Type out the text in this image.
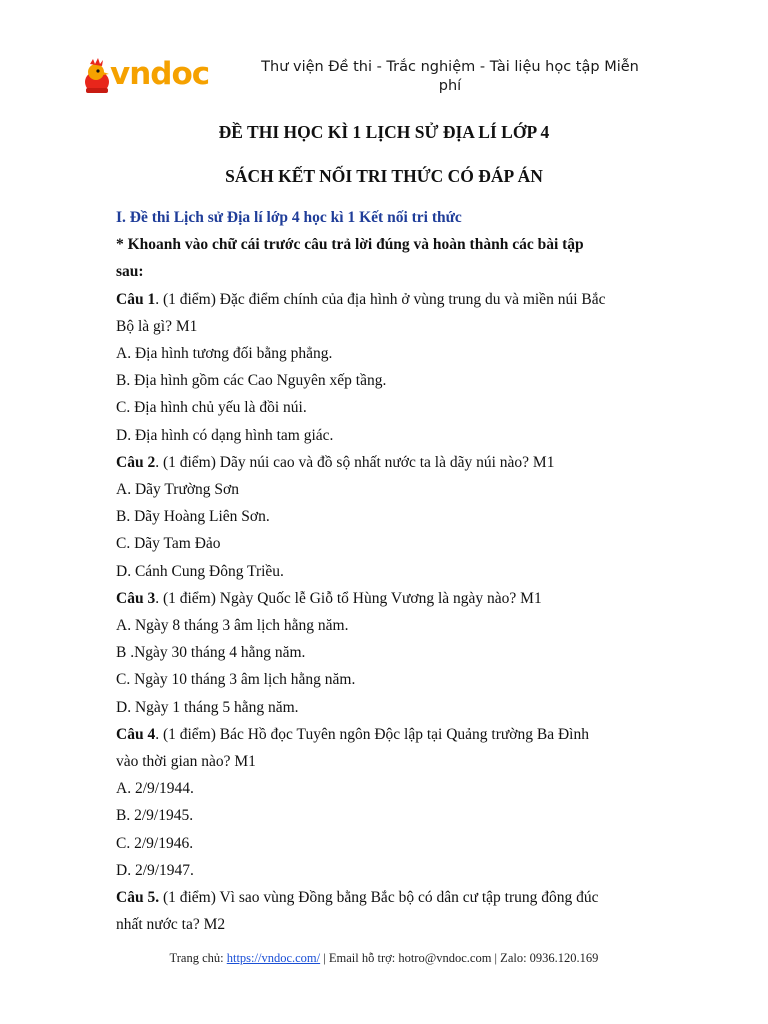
vndoc	Thư viện Đề thi - Trắc nghiệm - Tài liệu học tập Miễn
phí
ĐỀ THI HỌC KÌ 1 LỊCH SỬ ĐỊA LÍ LỚP 4
SÁCH KẾT NỐI TRI THỨC CÓ ĐÁP ÁN
I. Đề thi Lịch sử Địa lí lớp 4 học kì 1 Kết nối tri thức
* Khoanh vào chữ cái trước câu trả lời đúng và hoàn thành các bài tập
sau:
Câu 1. (1 điểm) Đặc điểm chính của địa hình ở vùng trung du và miền núi Bắc
Bộ là gì? M1
A. Địa hình tương đối bằng phẳng.
B. Địa hình gồm các Cao Nguyên xếp tầng.
C. Địa hình chủ yếu là đồi núi.
D. Địa hình có dạng hình tam giác.
Câu 2. (1 điểm) Dãy núi cao và đồ sộ nhất nước ta là dãy núi nào? M1
A. Dãy Trường Sơn
B. Dãy Hoàng Liên Sơn.
C. Dãy Tam Đảo
D. Cánh Cung Đông Triều.
Câu 3. (1 điểm) Ngày Quốc lễ Giỗ tổ Hùng Vương là ngày nào? M1
A. Ngày 8 tháng 3 âm lịch hằng năm.
B .Ngày 30 tháng 4 hằng năm.
C. Ngày 10 tháng 3 âm lịch hằng năm.
D. Ngày 1 tháng 5 hằng năm.
Câu 4. (1 điểm) Bác Hồ đọc Tuyên ngôn Độc lập tại Quảng trường Ba Đình
vào thời gian nào? M1
A. 2/9/1944.
B. 2/9/1945.
C. 2/9/1946.
D. 2/9/1947.
Câu 5. (1 điểm) Vì sao vùng Đồng bằng Bắc bộ có dân cư tập trung đông đúc
nhất nước ta? M2
Trang chủ: https://vndoc.com/ | Email hỗ trợ: hotro@vndoc.com | Zalo: 0936.120.169
